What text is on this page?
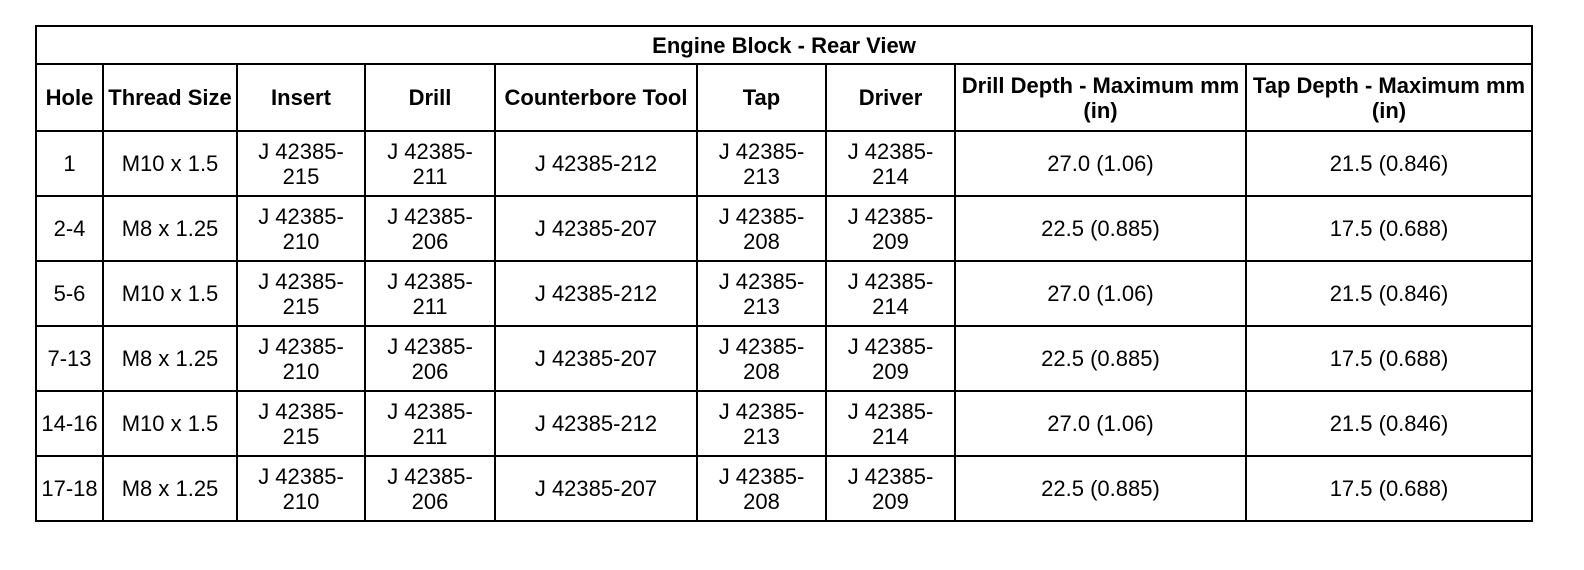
Engine Block - Rear View								
Hole	Thread Size	Insert	Drill	Counterbore Tool	Tap	Driver	Drill Depth - Maximum mm (in)	Tap Depth - Maximum mm (in)
1	M10 x 1.5	J 42385-215	J 42385-211	J 42385-212	J 42385-213	J 42385-214	27.0 (1.06)	21.5 (0.846)
2-4	M8 x 1.25	J 42385-210	J 42385-206	J 42385-207	J 42385-208	J 42385-209	22.5 (0.885)	17.5 (0.688)
5-6	M10 x 1.5	J 42385-215	J 42385-211	J 42385-212	J 42385-213	J 42385-214	27.0 (1.06)	21.5 (0.846)
7-13	M8 x 1.25	J 42385-210	J 42385-206	J 42385-207	J 42385-208	J 42385-209	22.5 (0.885)	17.5 (0.688)
14-16	M10 x 1.5	J 42385-215	J 42385-211	J 42385-212	J 42385-213	J 42385-214	27.0 (1.06)	21.5 (0.846)
17-18	M8 x 1.25	J 42385-210	J 42385-206	J 42385-207	J 42385-208	J 42385-209	22.5 (0.885)	17.5 (0.688)
